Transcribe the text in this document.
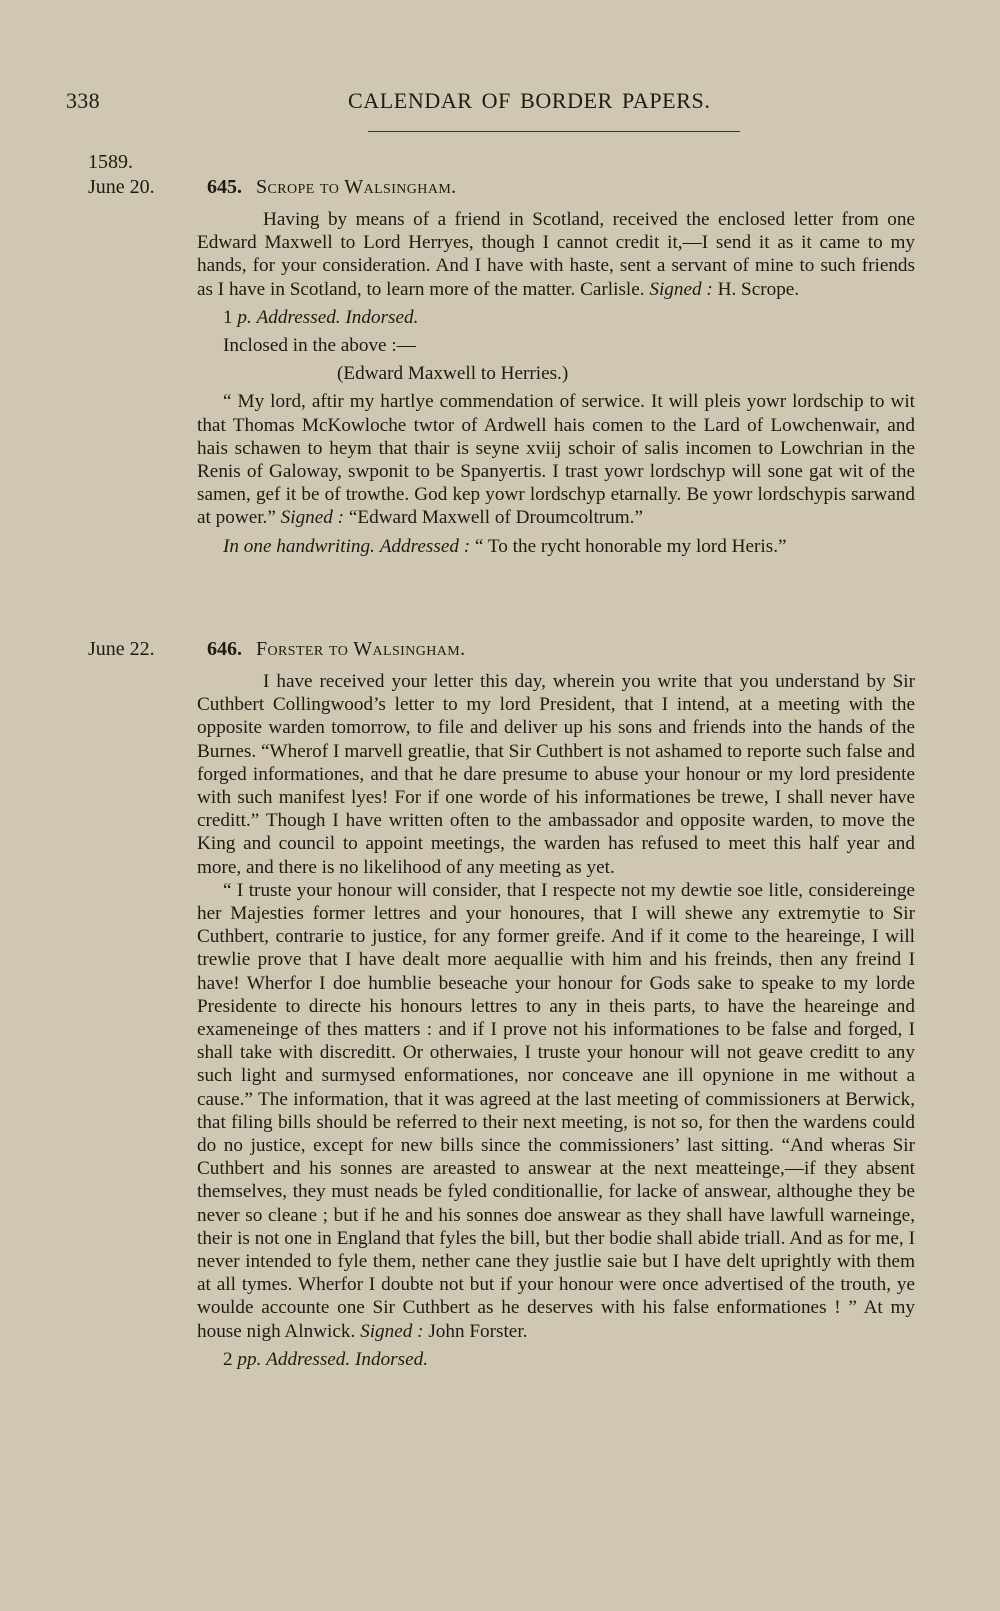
338	CALENDAR OF BORDER PAPERS.
1589.
June 20.	645. Scrope to Walsingham.

Having by means of a friend in Scotland, received the enclosed letter from one Edward Maxwell to Lord Herryes, though I cannot credit it,—I send it as it came to my hands, for your consideration. And I have with haste, sent a servant of mine to such friends as I have in Scotland, to learn more of the matter. Carlisle. Signed : H. Scrope.

1 p. Addressed. Indorsed.

Inclosed in the above :—

(Edward Maxwell to Herries.)

“ My lord, aftir my hartlye commendation of serwice. It will pleis yowr lordschip to wit that Thomas McKowloche twtor of Ardwell hais comen to the Lard of Lowchenwair, and hais schawen to heym that thair is seyne xviij schoir of salis incomen to Lowchrian in the Renis of Galoway, swponit to be Spanyertis. I trast yowr lordschyp will sone gat wit of the samen, gef it be of trowthe. God kep yowr lordschyp etarnally. Be yowr lordschypis sarwand at power.” Signed : “Edward Maxwell of Droumcoltrum.”

In one handwriting. Addressed : “ To the rycht honorable my lord Heris.”

June 22.	646. Forster to Walsingham.

I have received your letter this day, wherein you write that you understand by Sir Cuthbert Collingwood’s letter to my lord President, that I intend, at a meeting with the opposite warden tomorrow, to file and deliver up his sons and friends into the hands of the Burnes. “Wherof I marvell greatlie, that Sir Cuthbert is not ashamed to reporte such false and forged informationes, and that he dare presume to abuse your honour or my lord presidente with such manifest lyes! For if one worde of his informationes be trewe, I shall never have creditt.” Though I have written often to the ambassador and opposite warden, to move the King and council to appoint meetings, the warden has refused to meet this half year and more, and there is no likelihood of any meeting as yet.

“ I truste your honour will consider, that I respecte not my dewtie soe litle, considereinge her Majesties former lettres and your honoures, that I will shewe any extremytie to Sir Cuthbert, contrarie to justice, for any former greife. And if it come to the heareinge, I will trewlie prove that I have dealt more aequallie with him and his freinds, then any freind I have! Wherfor I doe humblie beseache your honour for Gods sake to speake to my lorde Presidente to directe his honours lettres to any in theis parts, to have the heareinge and exameneinge of thes matters : and if I prove not his informationes to be false and forged, I shall take with discreditt. Or otherwaies, I truste your honour will not geave creditt to any such light and surmysed enformationes, nor conceave ane ill opynione in me without a cause.” The information, that it was agreed at the last meeting of commissioners at Berwick, that filing bills should be referred to their next meeting, is not so, for then the wardens could do no justice, except for new bills since the commissioners’ last sitting. “And wheras Sir Cuthbert and his sonnes are areasted to answear at the next meatteinge,—if they absent themselves, they must neads be fyled conditionallie, for lacke of answear, althoughe they be never so cleane ; but if he and his sonnes doe answear as they shall have lawfull warneinge, their is not one in England that fyles the bill, but ther bodie shall abide triall. And as for me, I never intended to fyle them, nether cane they justlie saie but I have delt uprightly with them at all tymes. Wherfor I doubte not but if your honour were once advertised of the trouth, ye woulde accounte one Sir Cuthbert as he deserves with his false enformationes ! ” At my house nigh Alnwick. Signed : John Forster.

2 pp. Addressed. Indorsed.
